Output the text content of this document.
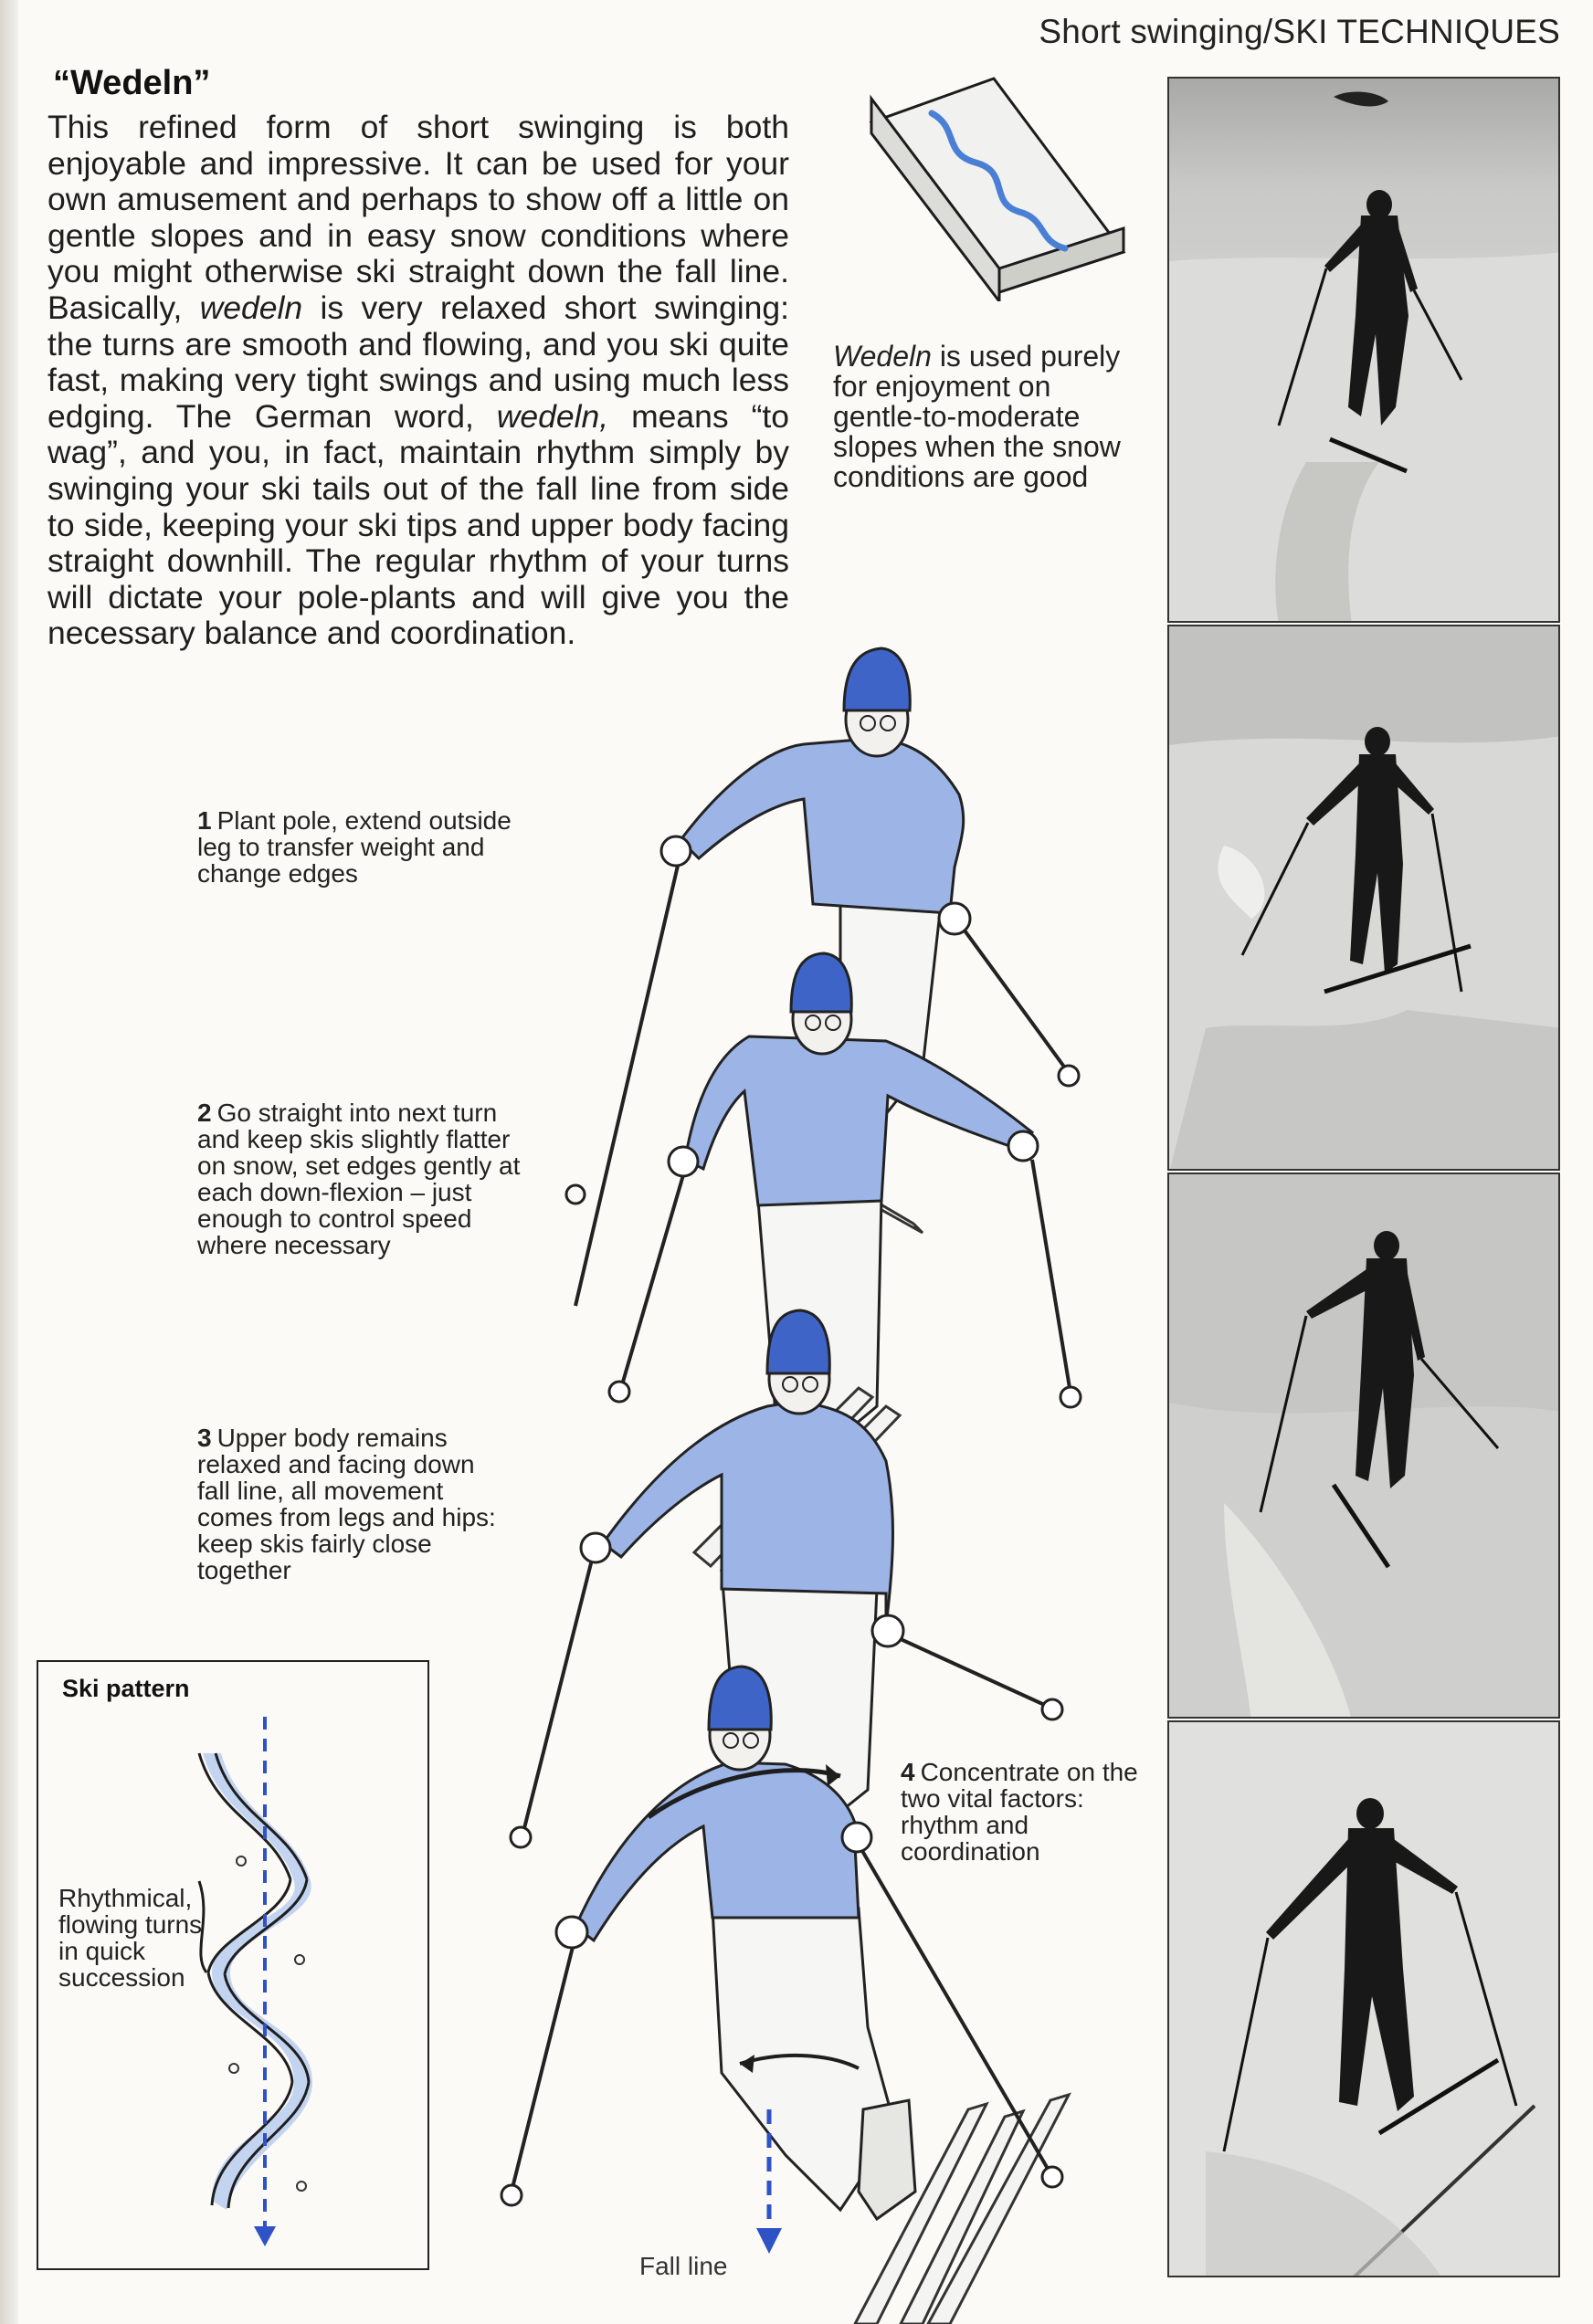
Short swinging/SKI TECHNIQUES
“Wedeln”
This refined form of short swinging is both enjoyable and impressive. It can be used for your own amusement and perhaps to show off a little on gentle slopes and in easy snow conditions where you might otherwise ski straight down the fall line. Basically, wedeln is very relaxed short swinging: the turns are smooth and flowing, and you ski quite fast, making very tight swings and using much less edging. The German word, wedeln, means “to wag”, and you, in fact, maintain rhythm simply by swinging your ski tails out of the fall line from side to side, keeping your ski tips and upper body facing straight downhill. The regular rhythm of your turns will dictate your pole-plants and will give you the necessary balance and coordination.
Wedeln is used purely for enjoyment on gentle-to-moderate slopes when the snow conditions are good
1 Plant pole, extend outside leg to transfer weight and change edges
2 Go straight into next turn and keep skis slightly flatter on snow, set edges gently at each down-flexion – just enough to control speed where necessary
3 Upper body remains relaxed and facing down fall line, all movement comes from legs and hips: keep skis fairly close together
4 Concentrate on the two vital factors: rhythm and coordination
Fall line
Ski pattern
Rhythmical, flowing turns in quick succession
